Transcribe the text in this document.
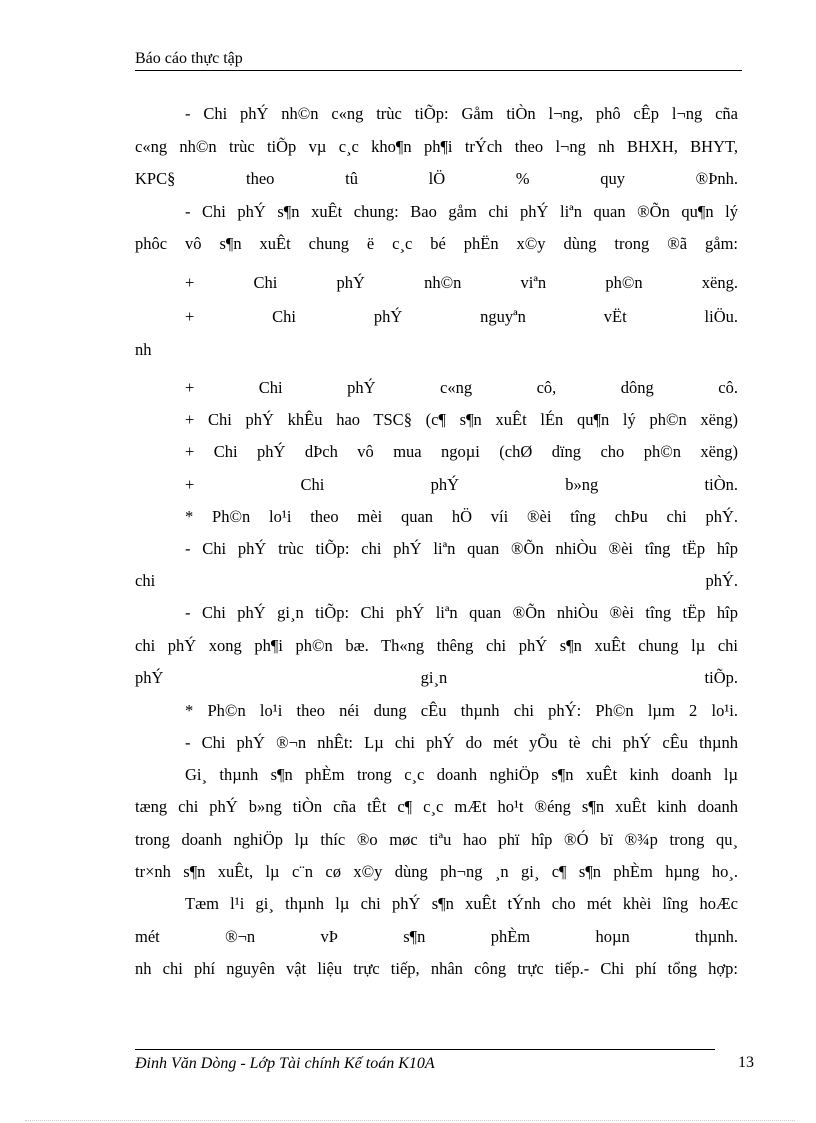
Báo cáo thực tập
- Chi phÝ nh©n c«ng trùc tiÕp: Gåm tiÒn l¬ng, phô cÊp l¬ng cña
c«ng nh©n trùc tiÕp vµ c¸c kho¶n ph¶i trÝch theo l¬ng nh BHXH, BHYT,
KPC§ theo tû lÖ % quy ®Þnh.
- Chi phÝ s¶n xuÊt chung: Bao gåm chi phÝ liªn quan ®Õn qu¶n lý
phôc vô s¶n xuÊt chung ë c¸c bé phËn x©y dùng trong ®ã gåm:
+ Chi phÝ nh©n viªn ph©n xëng.
+ Chi phÝ nguyªn vËt liÖu.
nh
+ Chi phÝ c«ng cô, dông cô.
+ Chi phÝ khÊu hao TSC§ (c¶ s¶n xuÊt lÉn qu¶n lý ph©n xëng)
+ Chi phÝ dÞch vô mua ngoµi (chØ dïng cho ph©n xëng)
+ Chi phÝ b»ng tiÒn.
* Ph©n lo¹i theo mèi quan hÖ víi ®èi tîng chÞu chi phÝ.
- Chi phÝ trùc tiÕp: chi phÝ liªn quan ®Õn nhiÒu ®èi tîng tËp hîp
chi phÝ.
- Chi phÝ gi¸n tiÕp: Chi phÝ liªn quan ®Õn nhiÒu ®èi tîng tËp hîp
chi phÝ xong ph¶i ph©n bæ. Th«ng thêng chi phÝ s¶n xuÊt chung lµ chi
phÝ gi¸n tiÕp.
* Ph©n lo¹i theo néi dung cÊu thµnh chi phÝ: Ph©n lµm 2 lo¹i.
- Chi phÝ ®¬n nhÊt: Lµ chi phÝ do mét yÕu tè chi phÝ cÊu thµnh
Gi¸ thµnh s¶n phÈm trong c¸c doanh nghiÖp s¶n xuÊt kinh doanh lµ
tæng chi phÝ b»ng tiÒn cña tÊt c¶ c¸c mÆt ho¹t ®éng s¶n xuÊt kinh doanh
trong doanh nghiÖp lµ thíc ®o møc tiªu hao phï hîp ®Ó bï ®¾p trong qu¸
tr×nh s¶n xuÊt, lµ c¨n cø x©y dùng ph¬ng ¸n gi¸ c¶ s¶n phÈm hµng ho¸.
Tæm l¹i gi¸ thµnh lµ chi phÝ s¶n xuÊt tÝnh cho mét khèi lîng hoÆc
mét ®¬n vÞ s¶n phÈm hoµn thµnh.
nh chi phí nguyên vật liệu trực tiếp, nhân công trực tiếp.- Chi phí tổng hợp:
Đinh Văn Dòng - Lớp Tài chính Kế toán K10A	13
